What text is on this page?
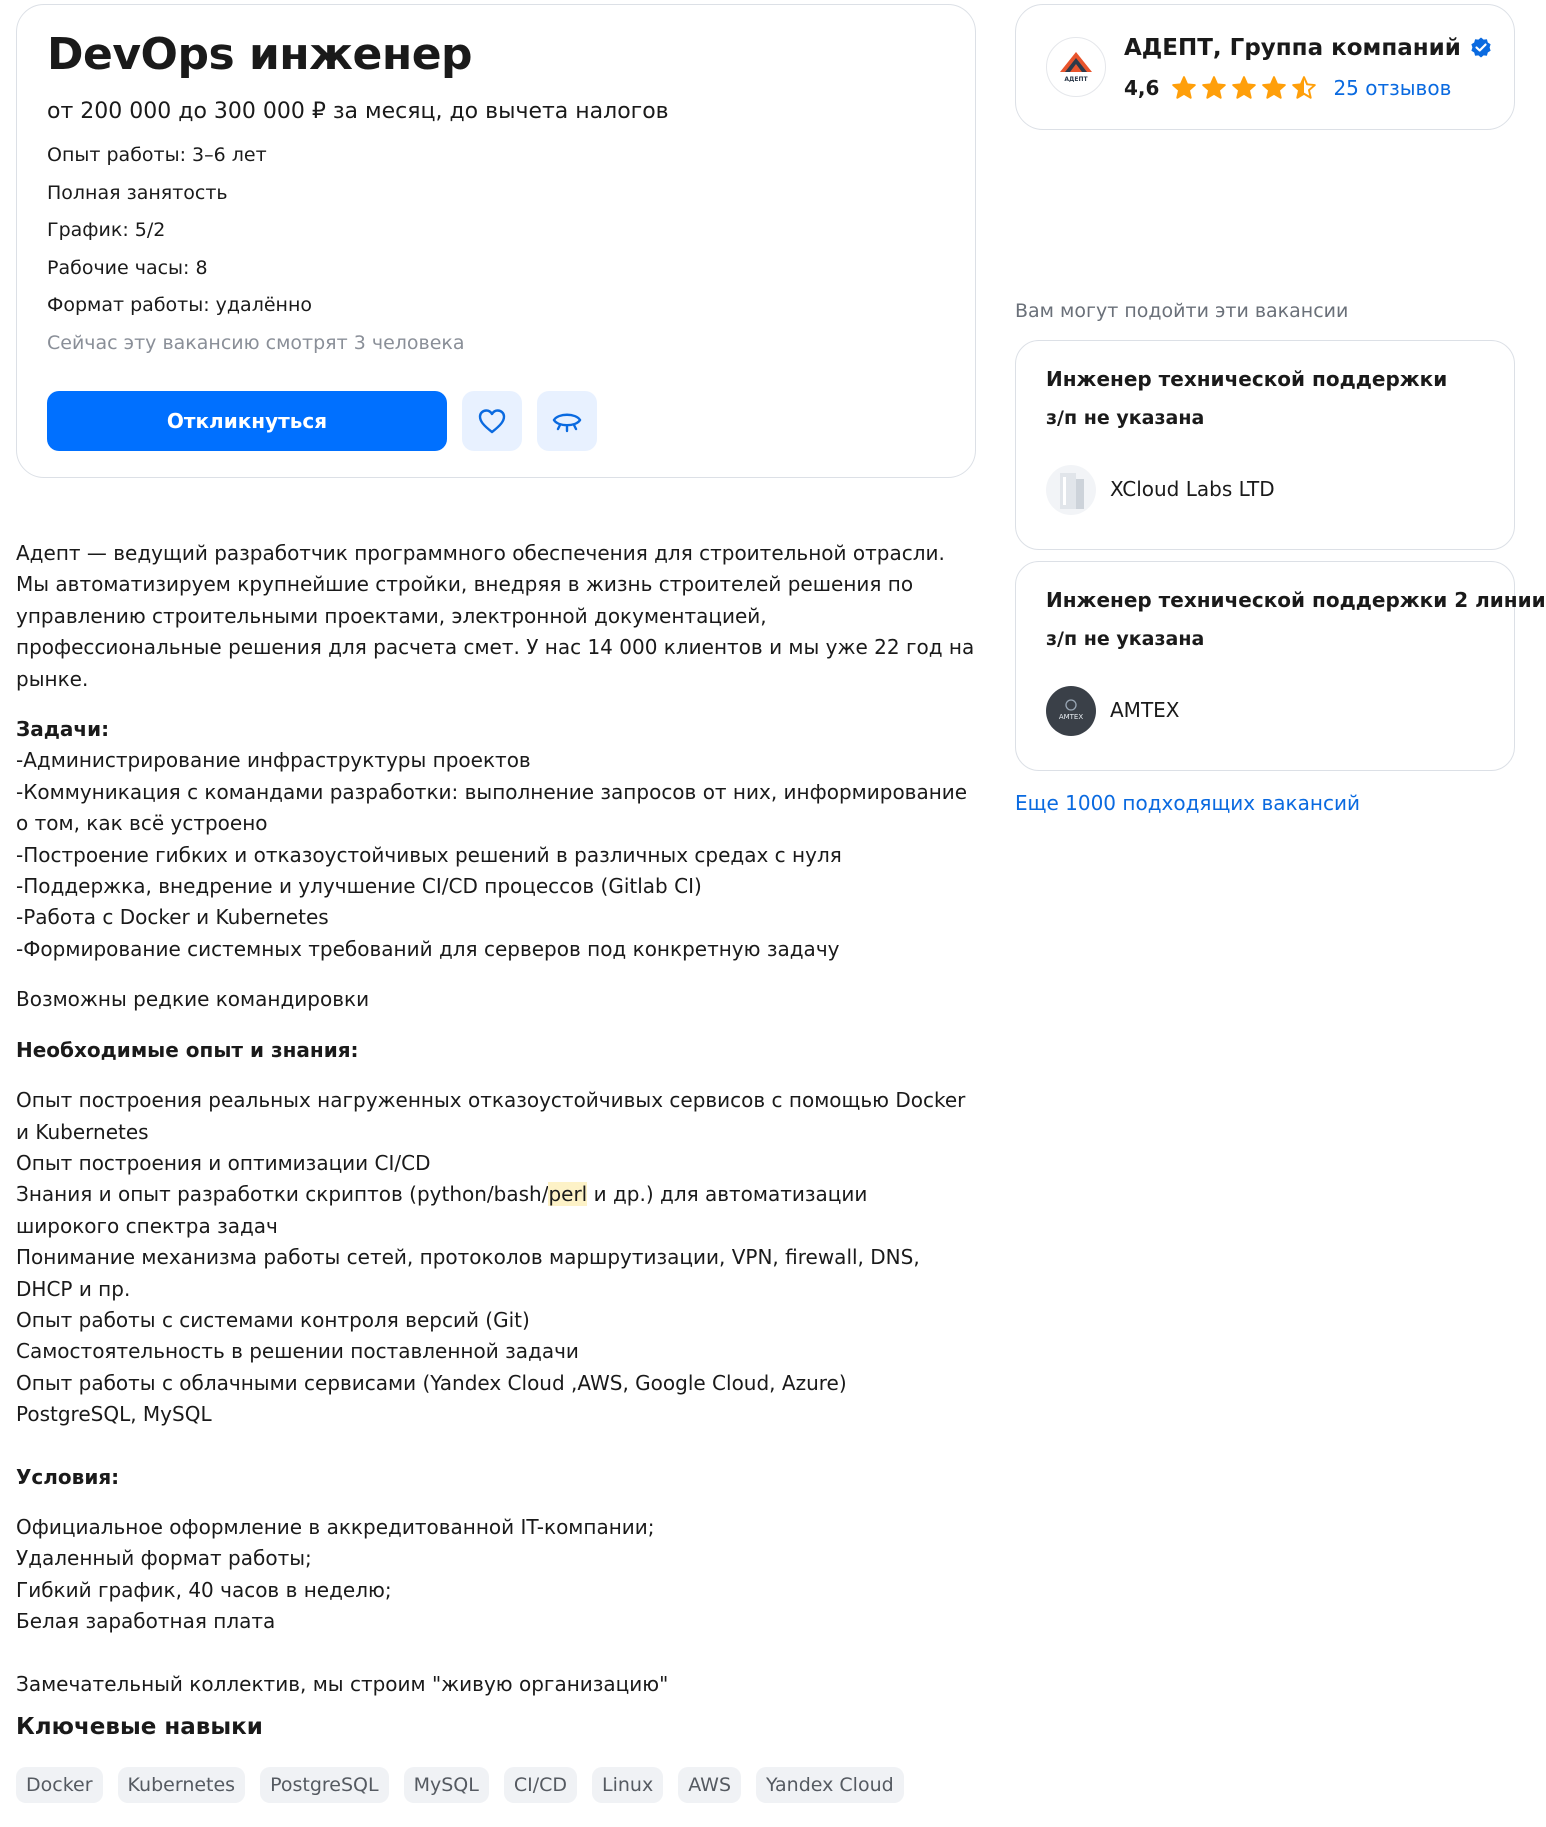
DevOps инженер
от 200 000 до 300 000 ₽ за месяц, до вычета налогов
Опыт работы: 3–6 лет
Полная занятость
График: 5/2
Рабочие часы: 8
Формат работы: удалённо
Сейчас эту вакансию смотрят 3 человека
Откликнуться

Адепт — ведущий разработчик программного обеспечения для строительной отрасли. Мы автоматизируем крупнейшие стройки, внедряя в жизнь строителей решения по управлению строительными проектами, электронной документацией, профессиональные решения для расчета смет. У нас 14 000 клиентов и мы уже 22 год на рынке.

Задачи:

-Администрирование инфраструктуры проектов

-Коммуникация с командами разработки: выполнение запросов от них, информирование о том, как всё устроено

-Построение гибких и отказоустойчивых решений в различных средах с нуля

-Поддержка, внедрение и улучшение CI/CD процессов (Gitlab CI)

-Работа с Docker и Kubernetes

-Формирование системных требований для серверов под конкретную задачу

Возможны редкие командировки

Необходимые опыт и знания:

Опыт построения реальных нагруженных отказоустойчивых сервисов с помощью Docker и Kubernetes

Опыт построения и оптимизации CI/CD

Знания и опыт разработки скриптов (python/bash/perl и др.) для автоматизации широкого спектра задач

Понимание механизма работы сетей, протоколов маршрутизации, VPN, firewall, DNS, DHCP и пр.

Опыт работы с системами контроля версий (Git)

Самостоятельность в решении поставленной задачи

Опыт работы с облачными сервисами (Yandex Cloud ,AWS, Google Cloud, Azure)

PostgreSQL, MySQL

Условия:

Официальное оформление в аккредитованной IT-компании;

Удаленный формат работы;

Гибкий график, 40 часов в неделю;

Белая заработная плата

Замечательный коллектив, мы строим "живую организацию"

Ключевые навыки
Docker	Kubernetes	PostgreSQL	MySQL	CI/CD	Linux	AWS	Yandex Cloud
АДЕПТ
АДЕПТ, Группа компаний
4,6	25 отзывов
Вам могут подойти эти вакансии
Инженер технической поддержки
з/п не указана
XCloud Labs LTD
Инженер технической поддержки 2 линии
з/п не указана
AMTEX AMTEX
Еще 1000 подходящих вакансий
